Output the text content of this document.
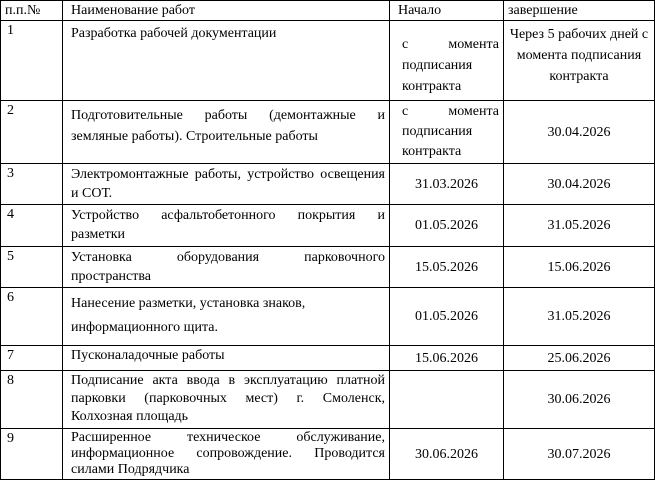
п.п.№	Наименование работ	Начало	завершение
1	Разработка рабочей документации	с момента подписания контракта	Через 5 рабочих дней с момента подписания контракта
2	Подготовительные работы (демонтажные и земляные работы). Строительные работы	с момента подписания контракта	30.04.2026
3	Электромонтажные работы, устройство освещения и СОТ.	31.03.2026	30.04.2026
4	Устройство асфальтобетонного покрытия и разметки	01.05.2026	31.05.2026
5	Установка оборудования парковочного пространства	15.05.2026	15.06.2026
6	Нанесение разметки, установка знаков, информационного щита.	01.05.2026	31.05.2026
7	Пусконаладочные работы	15.06.2026	25.06.2026
8	Подписание акта ввода в эксплуатацию платной парковки (парковочных мест) г. Смоленск, Колхозная площадь		30.06.2026
9	Расширенное техническое обслуживание, информационное сопровождение. Проводится силами Подрядчика	30.06.2026	30.07.2026
